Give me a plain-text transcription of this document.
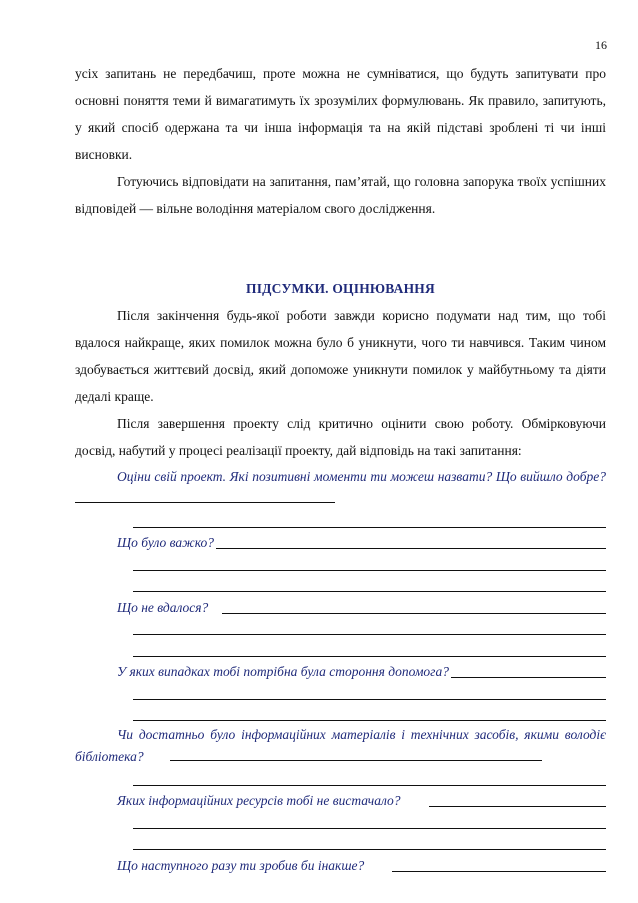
16

усіх запитань не передбачиш, проте можна не сумніватися, що будуть запитувати про основні поняття теми й вимагатимуть їх зрозумілих формулювань. Як правило, запитують, у який спосіб одержана та чи інша інформація та на якій підставі зроблені ті чи інші висновки.

Готуючись відповідати на запитання, пам’ятай, що головна запорука твоїх успішних відповідей — вільне володіння матеріалом свого дослідження.

ПІДСУМКИ. ОЦІНЮВАННЯ

Після закінчення будь-якої роботи завжди корисно подумати над тим, що тобі вдалося найкраще, яких помилок можна було б уникнути, чого ти навчився. Таким чином здобувається життєвий досвід, який допоможе уникнути помилок у майбутньому та діяти дедалі краще.

Після завершення проекту слід критично оцінити свою роботу. Обмірковуючи досвід, набутий у процесі реалізації проекту, дай відповідь на такі запитання:

Оціни свій проект. Які позитивні моменти ти можеш назвати? Що вийшло добре?

Що було важко?
Що не вдалося?
У яких випадках тобі потрібна була стороння допомога?

Чи достатньо було інформаційних матеріалів і технічних засобів, якими володіє бібліотека?

Яких інформаційних ресурсів тобі не вистачало?
Що наступного разу ти зробив би інакше?
